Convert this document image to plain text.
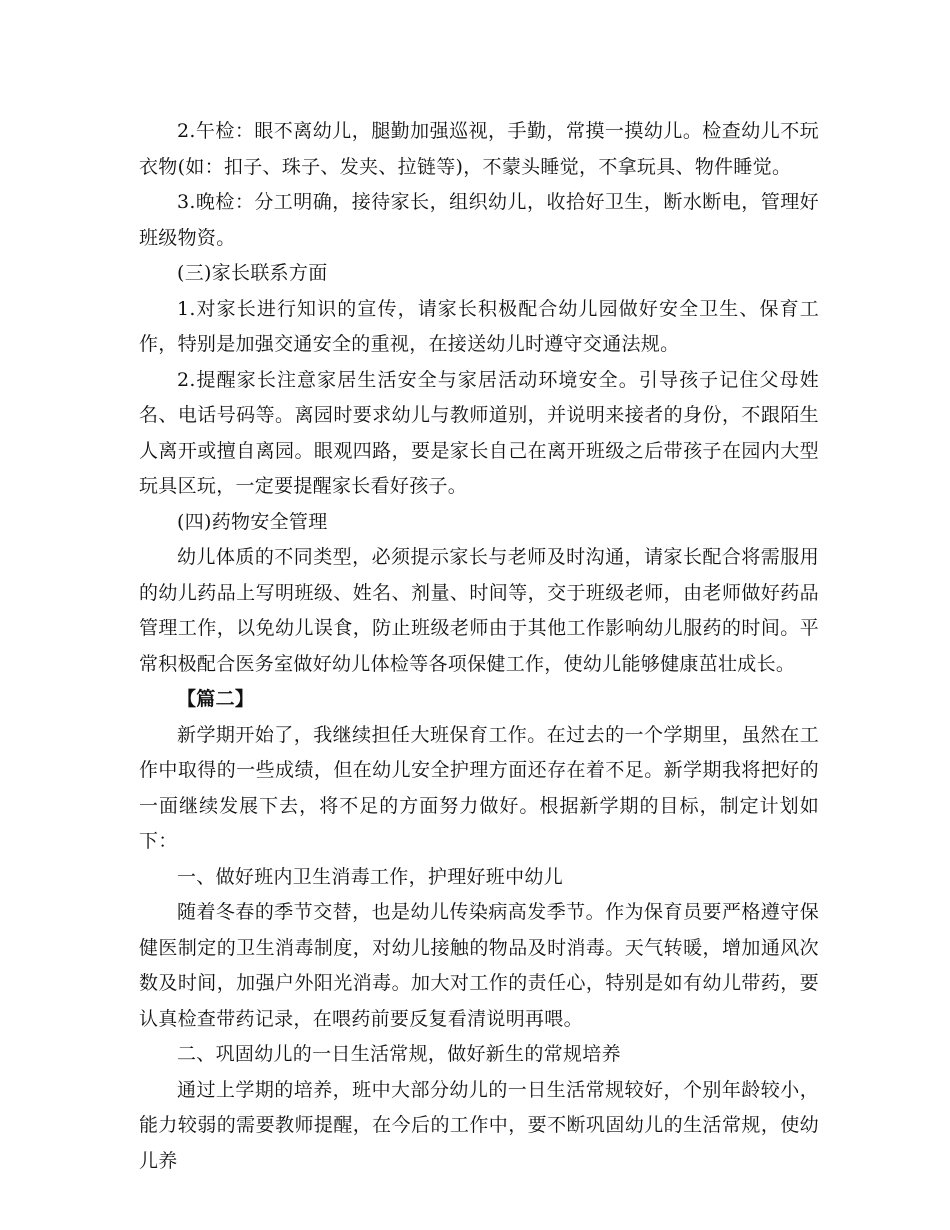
2.午检：眼不离幼儿，腿勤加强巡视，手勤，常摸一摸幼儿。检查幼儿不玩衣物(如：扣子、珠子、发夹、拉链等)，不蒙头睡觉，不拿玩具、物件睡觉。

3.晚检：分工明确，接待家长，组织幼儿，收拾好卫生，断水断电，管理好班级物资。

(三)家长联系方面

1.对家长进行知识的宣传，请家长积极配合幼儿园做好安全卫生、保育工作，特别是加强交通安全的重视，在接送幼儿时遵守交通法规。

2.提醒家长注意家居生活安全与家居活动环境安全。引导孩子记住父母姓名、电话号码等。离园时要求幼儿与教师道别，并说明来接者的身份，不跟陌生人离开或擅自离园。眼观四路，要是家长自己在离开班级之后带孩子在园内大型玩具区玩，一定要提醒家长看好孩子。

(四)药物安全管理

幼儿体质的不同类型，必须提示家长与老师及时沟通，请家长配合将需服用的幼儿药品上写明班级、姓名、剂量、时间等，交于班级老师，由老师做好药品管理工作，以免幼儿误食，防止班级老师由于其他工作影响幼儿服药的时间。平常积极配合医务室做好幼儿体检等各项保健工作，使幼儿能够健康茁壮成长。

【篇二】

新学期开始了，我继续担任大班保育工作。在过去的一个学期里，虽然在工作中取得的一些成绩，但在幼儿安全护理方面还存在着不足。新学期我将把好的一面继续发展下去，将不足的方面努力做好。根据新学期的目标，制定计划如下：

一、做好班内卫生消毒工作，护理好班中幼儿

随着冬春的季节交替，也是幼儿传染病高发季节。作为保育员要严格遵守保健医制定的卫生消毒制度，对幼儿接触的物品及时消毒。天气转暖，增加通风次数及时间，加强户外阳光消毒。加大对工作的责任心，特别是如有幼儿带药，要认真检查带药记录，在喂药前要反复看清说明再喂。

二、巩固幼儿的一日生活常规，做好新生的常规培养

通过上学期的培养，班中大部分幼儿的一日生活常规较好，个别年龄较小，能力较弱的需要教师提醒，在今后的工作中，要不断巩固幼儿的生活常规，使幼儿养
